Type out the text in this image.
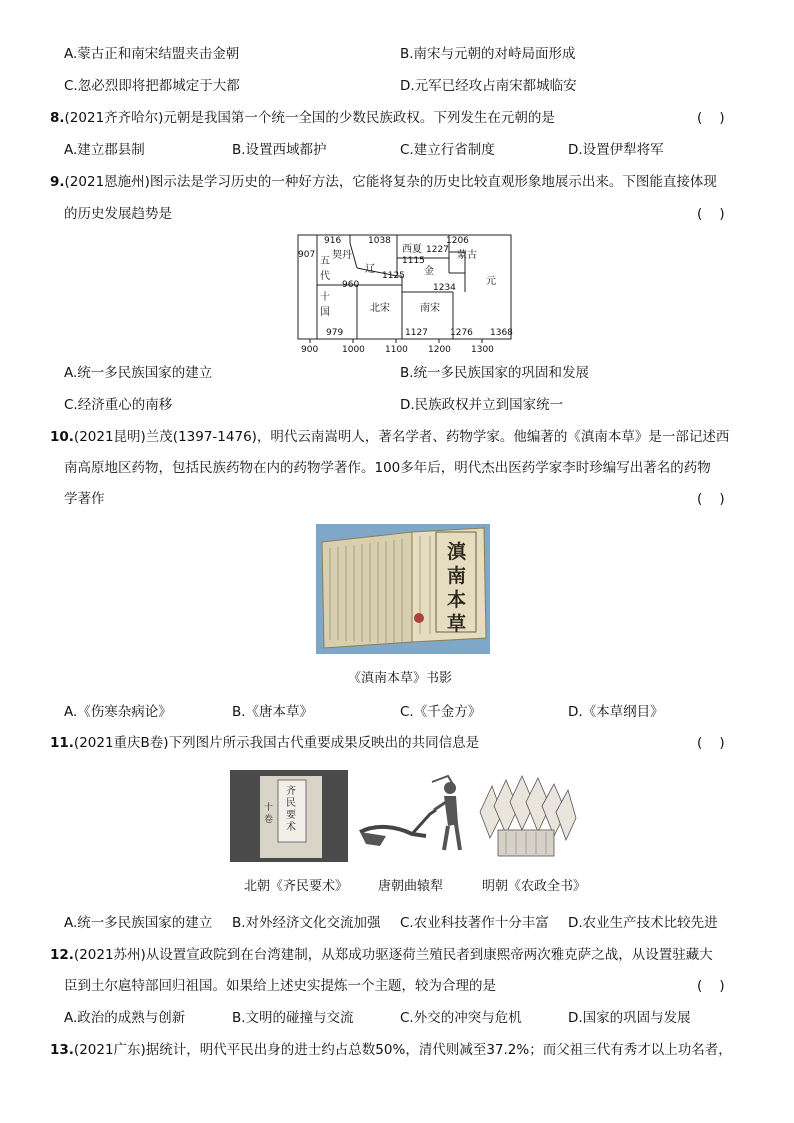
A.蒙古正和南宋结盟夹击金朝	B.南宋与元朝的对峙局面形成
C.忽必烈即将把都城定于大都	D.元军已经攻占南宋都城临安
8.(2021齐齐哈尔)元朝是我国第一个统一全国的少数民族政权。下列发生在元朝的是	(    )
A.建立郡县制	B.设置西域都护	C.建立行省制度	D.设置伊犁将军
9.(2021恩施州)图示法是学习历史的一种好方法，它能将复杂的历史比较直观形象地展示出来。下图能直接体现
的历史发展趋势是	(    )
907
916	1038
1227
1206
1115
1125
960	1234
979	1127 1276 1368
契丹
辽
西夏
金
蒙古
元
北宋	南宋
五
代
十
国
900	1000 1100 1200 1300
A.统一多民族国家的建立	B.统一多民族国家的巩固和发展
C.经济重心的南移	D.民族政权并立到国家统一
10.(2021昆明)兰茂(1397-1476)，明代云南嵩明人，著名学者、药物学家。他编著的《滇南本草》是一部记述西
南高原地区药物，包括民族药物在内的药物学著作。100多年后，明代杰出医药学家李时珍编写出著名的药物
学著作	(    )
滇
南
本
草
《滇南本草》书影
A.《伤寒杂病论》	B.《唐本草》	C.《千金方》	D.《本草纲目》
11.(2021重庆B卷)下列图片所示我国古代重要成果反映出的共同信息是	(    )
齐
民
要
术
十
卷
北朝《齐民要术》 唐朝曲辕犁	明朝《农政全书》
A.统一多民族国家的建立 B.对外经济文化交流加强 C.农业科技著作十分丰富 D.农业生产技术比较先进
12.(2021苏州)从设置宣政院到在台湾建制，从郑成功驱逐荷兰殖民者到康熙帝两次雅克萨之战，从设置驻藏大
臣到土尔扈特部回归祖国。如果给上述史实提炼一个主题，较为合理的是	(    )
A.政治的成熟与创新	B.文明的碰撞与交流	C.外交的冲突与危机	D.国家的巩固与发展
13.(2021广东)据统计，明代平民出身的进士约占总数50%，清代则减至37.2%；而父祖三代有秀才以上功名者，
